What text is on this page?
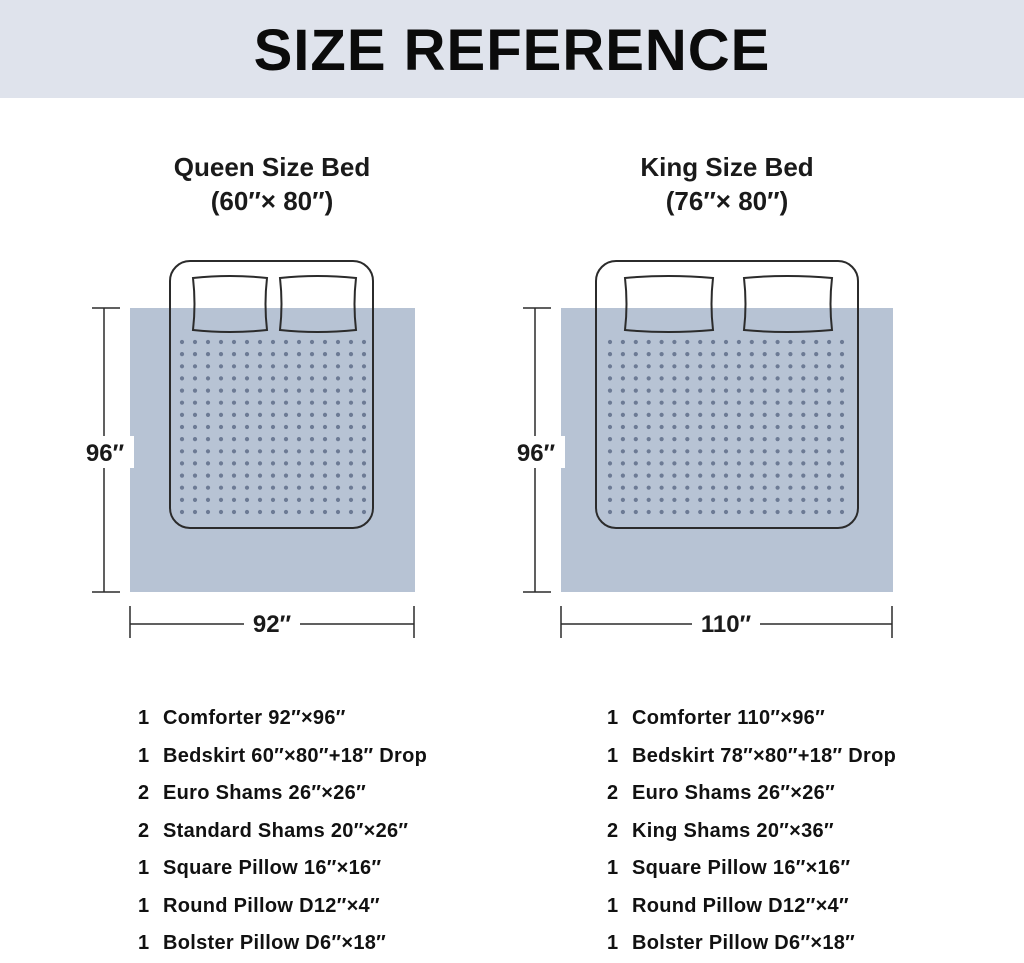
SIZE REFERENCE
Queen Size Bed
(60″× 80″)
King Size Bed
(76″× 80″)
96″
92″
96″
110″
1 Comforter 92″×96″
1 Bedskirt 60″×80″+18″ Drop
2 Euro Shams 26″×26″
2 Standard Shams 20″×26″
1 Square Pillow 16″×16″
1 Round Pillow D12″×4″
1 Bolster Pillow D6″×18″
1 Comforter 110″×96″
1 Bedskirt 78″×80″+18″ Drop
2 Euro Shams 26″×26″
2 King Shams 20″×36″
1 Square Pillow 16″×16″
1 Round Pillow D12″×4″
1 Bolster Pillow D6″×18″
